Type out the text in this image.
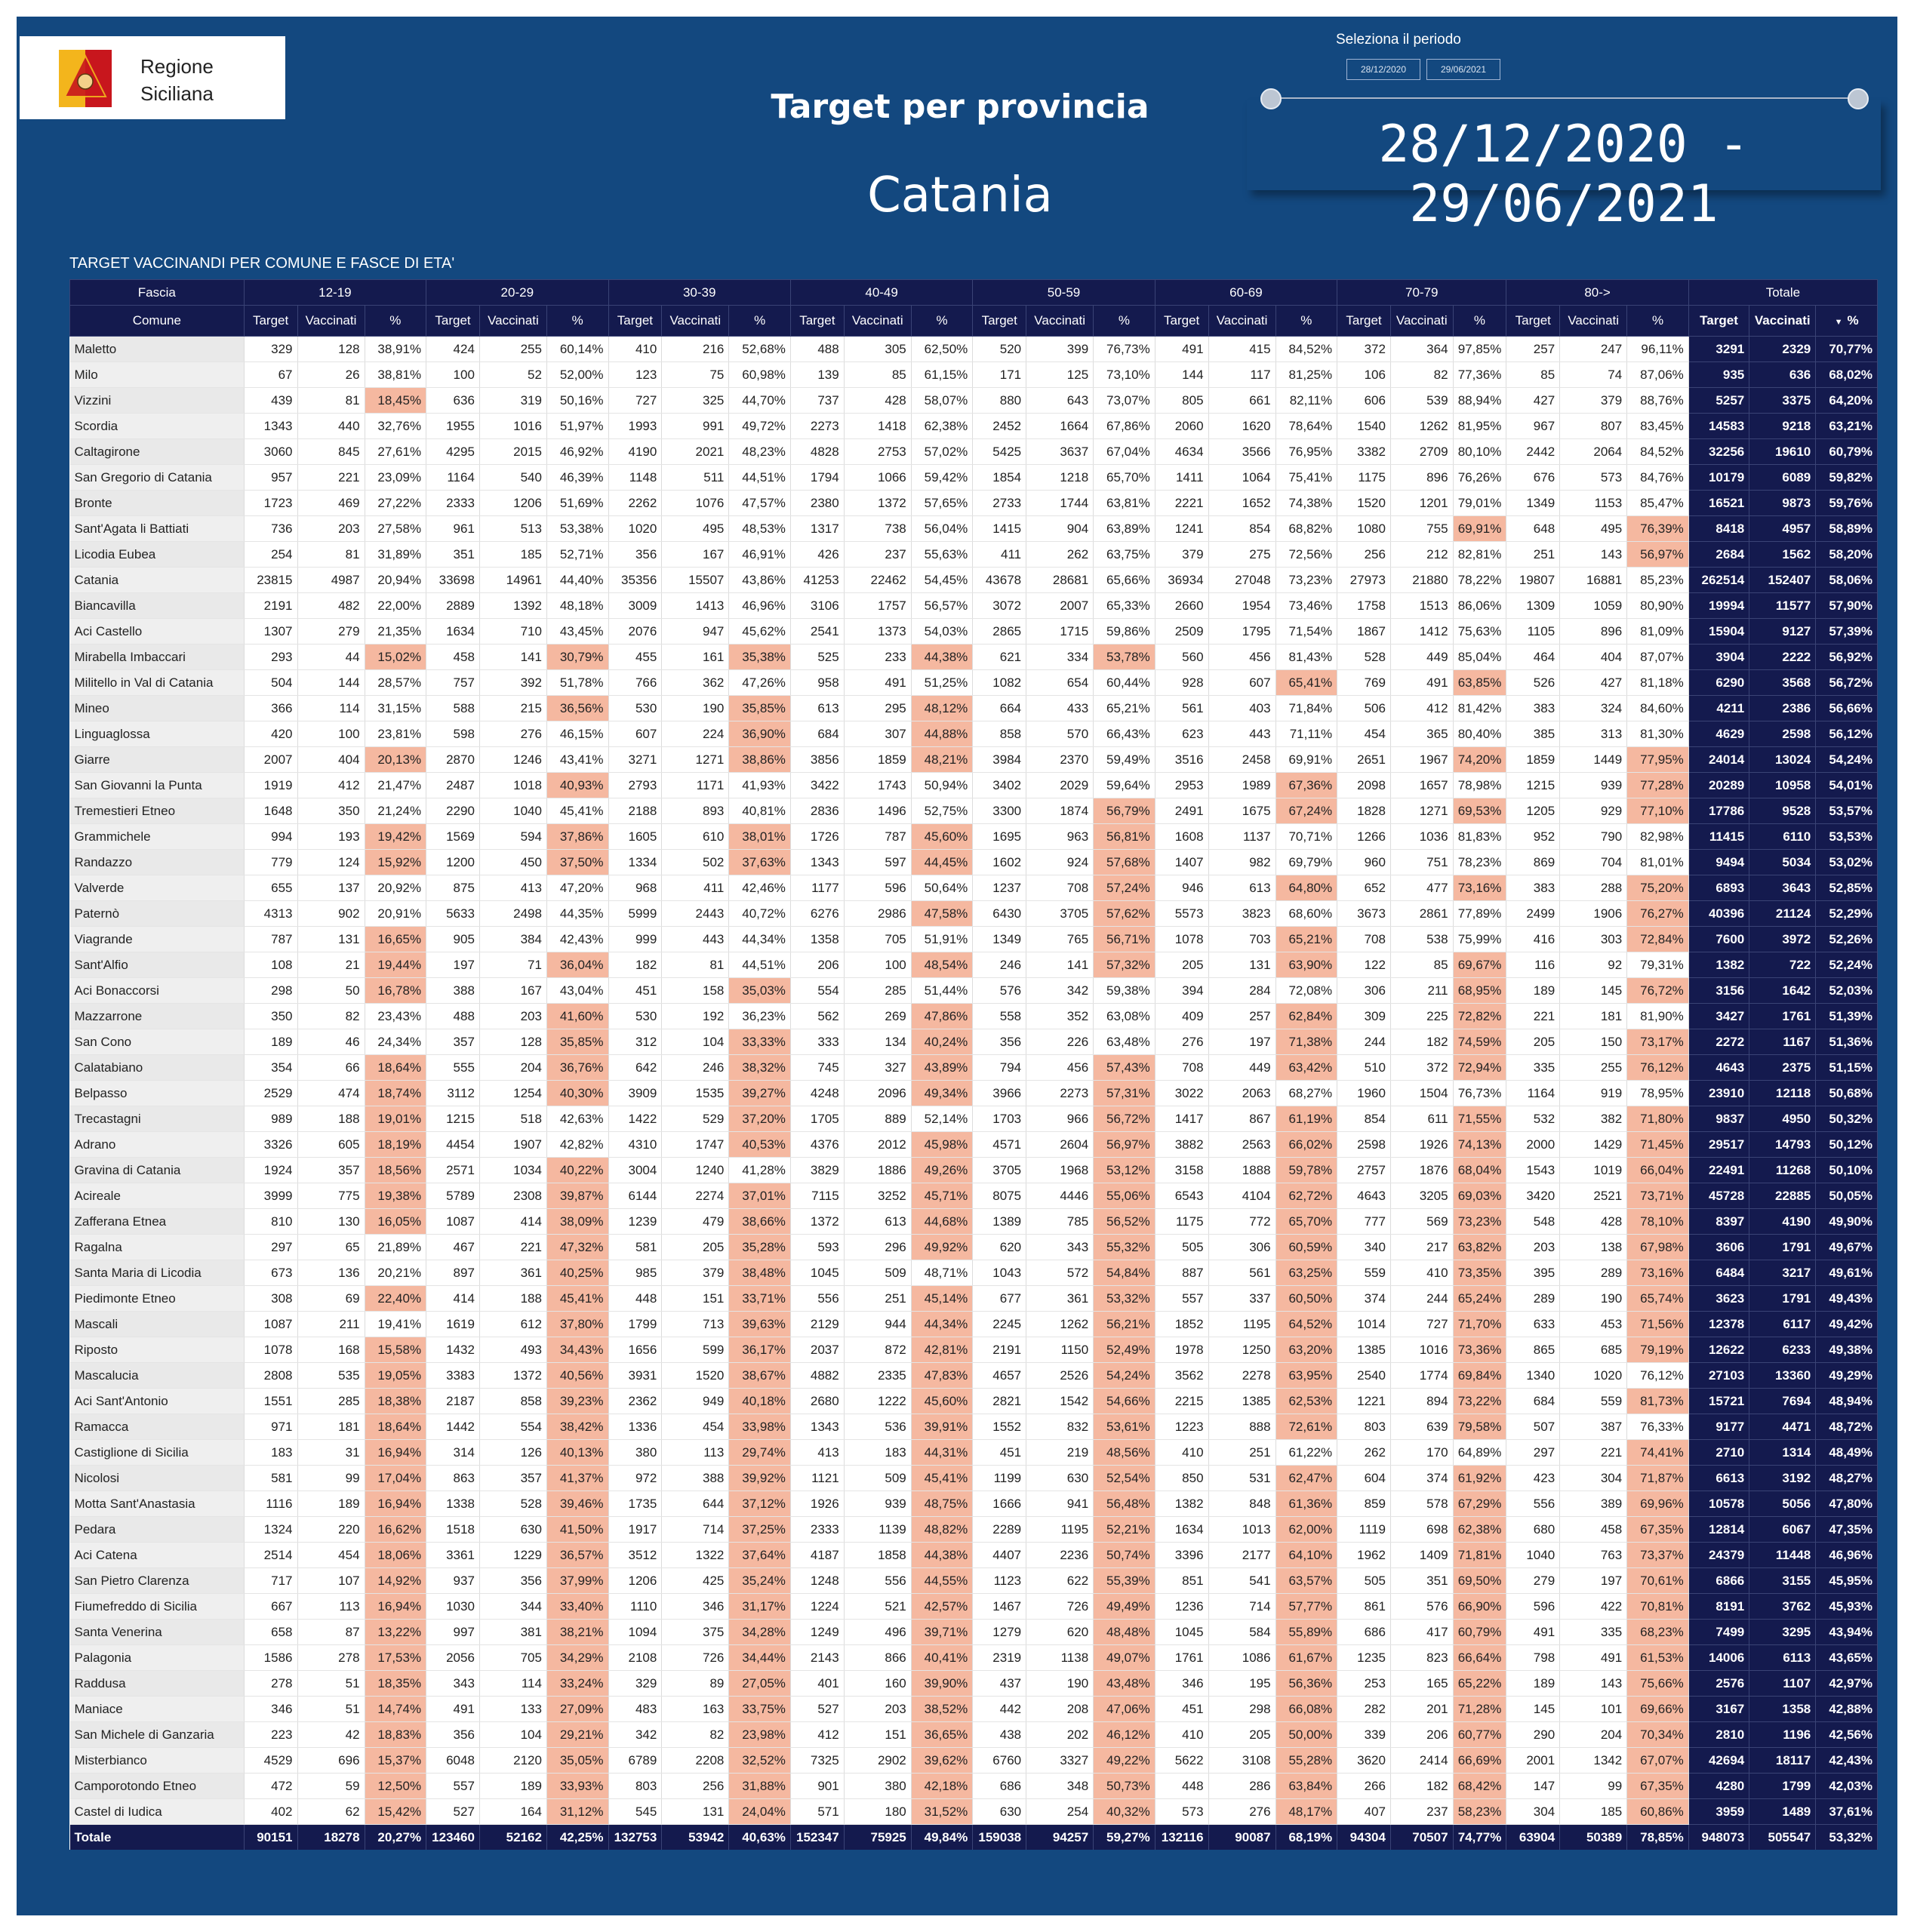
Regione
Siciliana	Target per provincia
Catania
Seleziona il periodo
28/12/2020	29/06/2021
28/12/2020 - 29/06/2021
TARGET VACCINANDI PER COMUNE E FASCE DI ETA'
Fascia	12-19			20-29			30-39			40-49			50-59			60-69			70-79			80->			Totale		
Comune	Target	Vaccinati	%	Target	Vaccinati	%	Target	Vaccinati	%	Target	Vaccinati	%	Target	Vaccinati	%	Target	Vaccinati	%	Target	Vaccinati	%	Target	Vaccinati	%	Target	Vaccinati	▼ %
Maletto	329	128	38,91%	424	255	60,14%	410	216	52,68%	488	305	62,50%	520	399	76,73%	491	415	84,52%	372	364	97,85%	257	247	96,11%	3291	2329	70,77%
Milo	67	26	38,81%	100	52	52,00%	123	75	60,98%	139	85	61,15%	171	125	73,10%	144	117	81,25%	106	82	77,36%	85	74	87,06%	935	636	68,02%
Vizzini	439	81	18,45%	636	319	50,16%	727	325	44,70%	737	428	58,07%	880	643	73,07%	805	661	82,11%	606	539	88,94%	427	379	88,76%	5257	3375	64,20%
Scordia	1343	440	32,76%	1955	1016	51,97%	1993	991	49,72%	2273	1418	62,38%	2452	1664	67,86%	2060	1620	78,64%	1540	1262	81,95%	967	807	83,45%	14583	9218	63,21%
Caltagirone	3060	845	27,61%	4295	2015	46,92%	4190	2021	48,23%	4828	2753	57,02%	5425	3637	67,04%	4634	3566	76,95%	3382	2709	80,10%	2442	2064	84,52%	32256	19610	60,79%
San Gregorio di Catania	957	221	23,09%	1164	540	46,39%	1148	511	44,51%	1794	1066	59,42%	1854	1218	65,70%	1411	1064	75,41%	1175	896	76,26%	676	573	84,76%	10179	6089	59,82%
Bronte	1723	469	27,22%	2333	1206	51,69%	2262	1076	47,57%	2380	1372	57,65%	2733	1744	63,81%	2221	1652	74,38%	1520	1201	79,01%	1349	1153	85,47%	16521	9873	59,76%
Sant'Agata li Battiati	736	203	27,58%	961	513	53,38%	1020	495	48,53%	1317	738	56,04%	1415	904	63,89%	1241	854	68,82%	1080	755	69,91%	648	495	76,39%	8418	4957	58,89%
Licodia Eubea	254	81	31,89%	351	185	52,71%	356	167	46,91%	426	237	55,63%	411	262	63,75%	379	275	72,56%	256	212	82,81%	251	143	56,97%	2684	1562	58,20%
Catania	23815	4987	20,94%	33698	14961	44,40%	35356	15507	43,86%	41253	22462	54,45%	43678	28681	65,66%	36934	27048	73,23%	27973	21880	78,22%	19807	16881	85,23%	262514	152407	58,06%
Biancavilla	2191	482	22,00%	2889	1392	48,18%	3009	1413	46,96%	3106	1757	56,57%	3072	2007	65,33%	2660	1954	73,46%	1758	1513	86,06%	1309	1059	80,90%	19994	11577	57,90%
Aci Castello	1307	279	21,35%	1634	710	43,45%	2076	947	45,62%	2541	1373	54,03%	2865	1715	59,86%	2509	1795	71,54%	1867	1412	75,63%	1105	896	81,09%	15904	9127	57,39%
Mirabella Imbaccari	293	44	15,02%	458	141	30,79%	455	161	35,38%	525	233	44,38%	621	334	53,78%	560	456	81,43%	528	449	85,04%	464	404	87,07%	3904	2222	56,92%
Militello in Val di Catania	504	144	28,57%	757	392	51,78%	766	362	47,26%	958	491	51,25%	1082	654	60,44%	928	607	65,41%	769	491	63,85%	526	427	81,18%	6290	3568	56,72%
Mineo	366	114	31,15%	588	215	36,56%	530	190	35,85%	613	295	48,12%	664	433	65,21%	561	403	71,84%	506	412	81,42%	383	324	84,60%	4211	2386	56,66%
Linguaglossa	420	100	23,81%	598	276	46,15%	607	224	36,90%	684	307	44,88%	858	570	66,43%	623	443	71,11%	454	365	80,40%	385	313	81,30%	4629	2598	56,12%
Giarre	2007	404	20,13%	2870	1246	43,41%	3271	1271	38,86%	3856	1859	48,21%	3984	2370	59,49%	3516	2458	69,91%	2651	1967	74,20%	1859	1449	77,95%	24014	13024	54,24%
San Giovanni la Punta	1919	412	21,47%	2487	1018	40,93%	2793	1171	41,93%	3422	1743	50,94%	3402	2029	59,64%	2953	1989	67,36%	2098	1657	78,98%	1215	939	77,28%	20289	10958	54,01%
Tremestieri Etneo	1648	350	21,24%	2290	1040	45,41%	2188	893	40,81%	2836	1496	52,75%	3300	1874	56,79%	2491	1675	67,24%	1828	1271	69,53%	1205	929	77,10%	17786	9528	53,57%
Grammichele	994	193	19,42%	1569	594	37,86%	1605	610	38,01%	1726	787	45,60%	1695	963	56,81%	1608	1137	70,71%	1266	1036	81,83%	952	790	82,98%	11415	6110	53,53%
Randazzo	779	124	15,92%	1200	450	37,50%	1334	502	37,63%	1343	597	44,45%	1602	924	57,68%	1407	982	69,79%	960	751	78,23%	869	704	81,01%	9494	5034	53,02%
Valverde	655	137	20,92%	875	413	47,20%	968	411	42,46%	1177	596	50,64%	1237	708	57,24%	946	613	64,80%	652	477	73,16%	383	288	75,20%	6893	3643	52,85%
Paternò	4313	902	20,91%	5633	2498	44,35%	5999	2443	40,72%	6276	2986	47,58%	6430	3705	57,62%	5573	3823	68,60%	3673	2861	77,89%	2499	1906	76,27%	40396	21124	52,29%
Viagrande	787	131	16,65%	905	384	42,43%	999	443	44,34%	1358	705	51,91%	1349	765	56,71%	1078	703	65,21%	708	538	75,99%	416	303	72,84%	7600	3972	52,26%
Sant'Alfio	108	21	19,44%	197	71	36,04%	182	81	44,51%	206	100	48,54%	246	141	57,32%	205	131	63,90%	122	85	69,67%	116	92	79,31%	1382	722	52,24%
Aci Bonaccorsi	298	50	16,78%	388	167	43,04%	451	158	35,03%	554	285	51,44%	576	342	59,38%	394	284	72,08%	306	211	68,95%	189	145	76,72%	3156	1642	52,03%
Mazzarrone	350	82	23,43%	488	203	41,60%	530	192	36,23%	562	269	47,86%	558	352	63,08%	409	257	62,84%	309	225	72,82%	221	181	81,90%	3427	1761	51,39%
San Cono	189	46	24,34%	357	128	35,85%	312	104	33,33%	333	134	40,24%	356	226	63,48%	276	197	71,38%	244	182	74,59%	205	150	73,17%	2272	1167	51,36%
Calatabiano	354	66	18,64%	555	204	36,76%	642	246	38,32%	745	327	43,89%	794	456	57,43%	708	449	63,42%	510	372	72,94%	335	255	76,12%	4643	2375	51,15%
Belpasso	2529	474	18,74%	3112	1254	40,30%	3909	1535	39,27%	4248	2096	49,34%	3966	2273	57,31%	3022	2063	68,27%	1960	1504	76,73%	1164	919	78,95%	23910	12118	50,68%
Trecastagni	989	188	19,01%	1215	518	42,63%	1422	529	37,20%	1705	889	52,14%	1703	966	56,72%	1417	867	61,19%	854	611	71,55%	532	382	71,80%	9837	4950	50,32%
Adrano	3326	605	18,19%	4454	1907	42,82%	4310	1747	40,53%	4376	2012	45,98%	4571	2604	56,97%	3882	2563	66,02%	2598	1926	74,13%	2000	1429	71,45%	29517	14793	50,12%
Gravina di Catania	1924	357	18,56%	2571	1034	40,22%	3004	1240	41,28%	3829	1886	49,26%	3705	1968	53,12%	3158	1888	59,78%	2757	1876	68,04%	1543	1019	66,04%	22491	11268	50,10%
Acireale	3999	775	19,38%	5789	2308	39,87%	6144	2274	37,01%	7115	3252	45,71%	8075	4446	55,06%	6543	4104	62,72%	4643	3205	69,03%	3420	2521	73,71%	45728	22885	50,05%
Zafferana Etnea	810	130	16,05%	1087	414	38,09%	1239	479	38,66%	1372	613	44,68%	1389	785	56,52%	1175	772	65,70%	777	569	73,23%	548	428	78,10%	8397	4190	49,90%
Ragalna	297	65	21,89%	467	221	47,32%	581	205	35,28%	593	296	49,92%	620	343	55,32%	505	306	60,59%	340	217	63,82%	203	138	67,98%	3606	1791	49,67%
Santa Maria di Licodia	673	136	20,21%	897	361	40,25%	985	379	38,48%	1045	509	48,71%	1043	572	54,84%	887	561	63,25%	559	410	73,35%	395	289	73,16%	6484	3217	49,61%
Piedimonte Etneo	308	69	22,40%	414	188	45,41%	448	151	33,71%	556	251	45,14%	677	361	53,32%	557	337	60,50%	374	244	65,24%	289	190	65,74%	3623	1791	49,43%
Mascali	1087	211	19,41%	1619	612	37,80%	1799	713	39,63%	2129	944	44,34%	2245	1262	56,21%	1852	1195	64,52%	1014	727	71,70%	633	453	71,56%	12378	6117	49,42%
Riposto	1078	168	15,58%	1432	493	34,43%	1656	599	36,17%	2037	872	42,81%	2191	1150	52,49%	1978	1250	63,20%	1385	1016	73,36%	865	685	79,19%	12622	6233	49,38%
Mascalucia	2808	535	19,05%	3383	1372	40,56%	3931	1520	38,67%	4882	2335	47,83%	4657	2526	54,24%	3562	2278	63,95%	2540	1774	69,84%	1340	1020	76,12%	27103	13360	49,29%
Aci Sant'Antonio	1551	285	18,38%	2187	858	39,23%	2362	949	40,18%	2680	1222	45,60%	2821	1542	54,66%	2215	1385	62,53%	1221	894	73,22%	684	559	81,73%	15721	7694	48,94%
Ramacca	971	181	18,64%	1442	554	38,42%	1336	454	33,98%	1343	536	39,91%	1552	832	53,61%	1223	888	72,61%	803	639	79,58%	507	387	76,33%	9177	4471	48,72%
Castiglione di Sicilia	183	31	16,94%	314	126	40,13%	380	113	29,74%	413	183	44,31%	451	219	48,56%	410	251	61,22%	262	170	64,89%	297	221	74,41%	2710	1314	48,49%
Nicolosi	581	99	17,04%	863	357	41,37%	972	388	39,92%	1121	509	45,41%	1199	630	52,54%	850	531	62,47%	604	374	61,92%	423	304	71,87%	6613	3192	48,27%
Motta Sant'Anastasia	1116	189	16,94%	1338	528	39,46%	1735	644	37,12%	1926	939	48,75%	1666	941	56,48%	1382	848	61,36%	859	578	67,29%	556	389	69,96%	10578	5056	47,80%
Pedara	1324	220	16,62%	1518	630	41,50%	1917	714	37,25%	2333	1139	48,82%	2289	1195	52,21%	1634	1013	62,00%	1119	698	62,38%	680	458	67,35%	12814	6067	47,35%
Aci Catena	2514	454	18,06%	3361	1229	36,57%	3512	1322	37,64%	4187	1858	44,38%	4407	2236	50,74%	3396	2177	64,10%	1962	1409	71,81%	1040	763	73,37%	24379	11448	46,96%
San Pietro Clarenza	717	107	14,92%	937	356	37,99%	1206	425	35,24%	1248	556	44,55%	1123	622	55,39%	851	541	63,57%	505	351	69,50%	279	197	70,61%	6866	3155	45,95%
Fiumefreddo di Sicilia	667	113	16,94%	1030	344	33,40%	1110	346	31,17%	1224	521	42,57%	1467	726	49,49%	1236	714	57,77%	861	576	66,90%	596	422	70,81%	8191	3762	45,93%
Santa Venerina	658	87	13,22%	997	381	38,21%	1094	375	34,28%	1249	496	39,71%	1279	620	48,48%	1045	584	55,89%	686	417	60,79%	491	335	68,23%	7499	3295	43,94%
Palagonia	1586	278	17,53%	2056	705	34,29%	2108	726	34,44%	2143	866	40,41%	2319	1138	49,07%	1761	1086	61,67%	1235	823	66,64%	798	491	61,53%	14006	6113	43,65%
Raddusa	278	51	18,35%	343	114	33,24%	329	89	27,05%	401	160	39,90%	437	190	43,48%	346	195	56,36%	253	165	65,22%	189	143	75,66%	2576	1107	42,97%
Maniace	346	51	14,74%	491	133	27,09%	483	163	33,75%	527	203	38,52%	442	208	47,06%	451	298	66,08%	282	201	71,28%	145	101	69,66%	3167	1358	42,88%
San Michele di Ganzaria	223	42	18,83%	356	104	29,21%	342	82	23,98%	412	151	36,65%	438	202	46,12%	410	205	50,00%	339	206	60,77%	290	204	70,34%	2810	1196	42,56%
Misterbianco	4529	696	15,37%	6048	2120	35,05%	6789	2208	32,52%	7325	2902	39,62%	6760	3327	49,22%	5622	3108	55,28%	3620	2414	66,69%	2001	1342	67,07%	42694	18117	42,43%
Camporotondo Etneo	472	59	12,50%	557	189	33,93%	803	256	31,88%	901	380	42,18%	686	348	50,73%	448	286	63,84%	266	182	68,42%	147	99	67,35%	4280	1799	42,03%
Castel di Iudica	402	62	15,42%	527	164	31,12%	545	131	24,04%	571	180	31,52%	630	254	40,32%	573	276	48,17%	407	237	58,23%	304	185	60,86%	3959	1489	37,61%
Totale	90151	18278	20,27%	123460	52162	42,25%	132753	53942	40,63%	152347	75925	49,84%	159038	94257	59,27%	132116	90087	68,19%	94304	70507	74,77%	63904	50389	78,85%	948073	505547	53,32%
